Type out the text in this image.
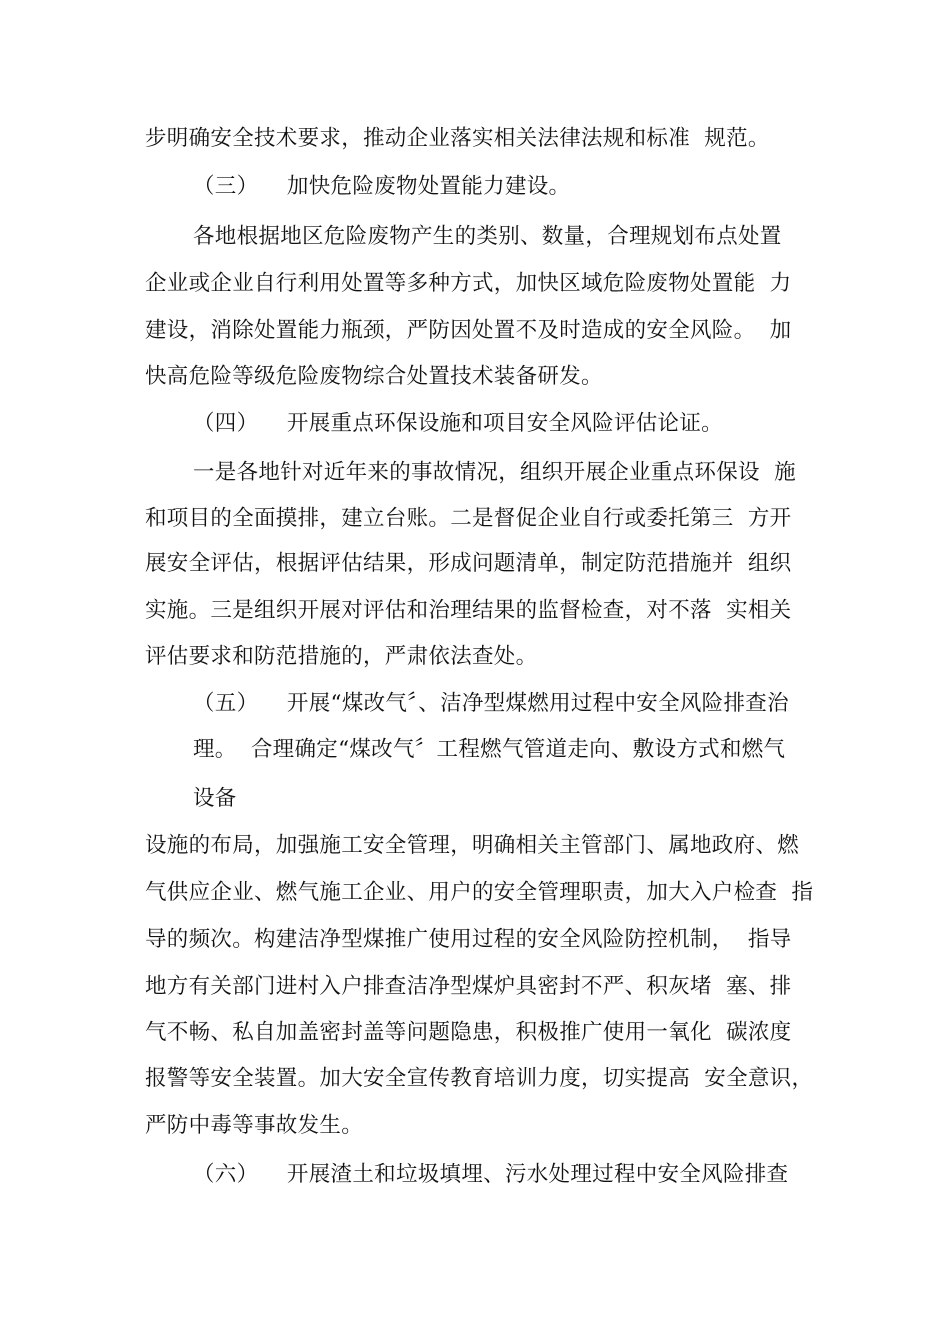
步明确安全技术要求，推动企业落实相关法律法规和标准  规范。
（三）    加快危险废物处置能力建设。
各地根据地区危险废物产生的类别、数量，合理规划布点处置
企业或企业自行利用处置等多种方式，加快区域危险废物处置能  力
建设，消除处置能力瓶颈，严防因处置不及时造成的安全风险。  加
快高危险等级危险废物综合处置技术装备研发。
（四）    开展重点环保设施和项目安全风险评估论证。
一是各地针对近年来的事故情况，组织开展企业重点环保设  施
和项目的全面摸排，建立台账。二是督促企业自行或委托第三  方开
展安全评估，根据评估结果，形成问题清单，制定防范措施并  组织
实施。三是组织开展对评估和治理结果的监督检查，对不落  实相关
评估要求和防范措施的，严肃依法查处。
（五）    开展“煤改气〞、洁净型煤燃用过程中安全风险排查治
理。  合理确定“煤改气〞工程燃气管道走向、敷设方式和燃气
设备
设施的布局，加强施工安全管理，明确相关主管部门、属地政府、燃
气供应企业、燃气施工企业、用户的安全管理职责，加大入户检查  指
导的频次。构建洁净型煤推广使用过程的安全风险防控机制，  指导
地方有关部门进村入户排查洁净型煤炉具密封不严、积灰堵  塞、排
气不畅、私自加盖密封盖等问题隐患，积极推广使用一氧化  碳浓度
报警等安全装置。加大安全宣传教育培训力度，切实提高  安全意识，
严防中毒等事故发生。
（六）    开展渣土和垃圾填埋、污水处理过程中安全风险排查
